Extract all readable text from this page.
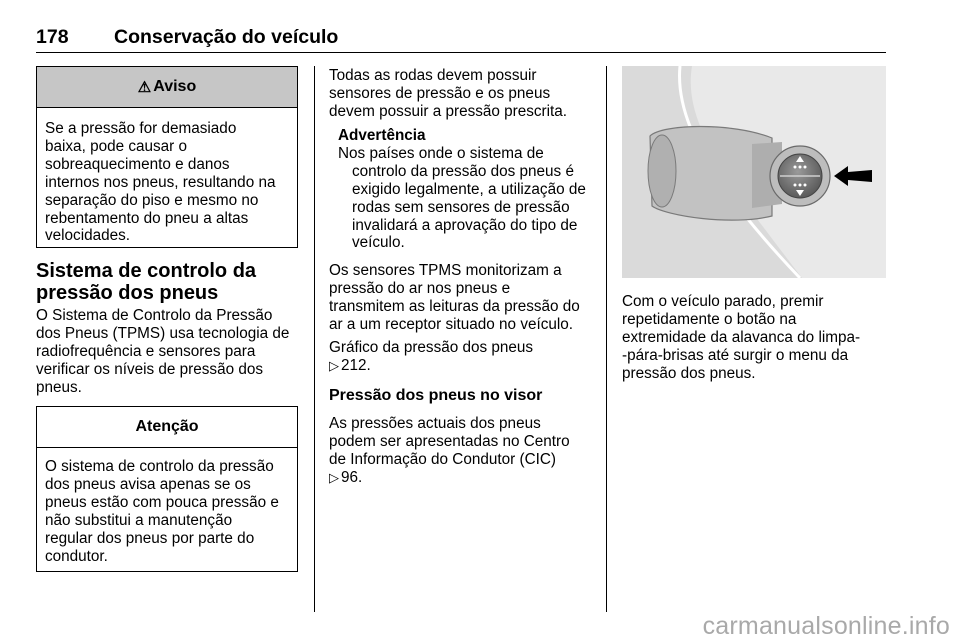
178 Conservação do veículo
⚠ Aviso
Se a pressão for demasiado
baixa, pode causar o
sobreaquecimento e danos
internos nos pneus, resultando na
separação do piso e mesmo no
rebentamento do pneu a altas
velocidades.
Sistema de controlo da
pressão dos pneus
O Sistema de Controlo da Pressão
dos Pneus (TPMS) usa tecnologia de
radiofrequência e sensores para
verificar os níveis de pressão dos
pneus.
Atenção
O sistema de controlo da pressão
dos pneus avisa apenas se os
pneus estão com pouca pressão e
não substitui a manutenção
regular dos pneus por parte do
condutor.
Todas as rodas devem possuir
sensores de pressão e os pneus
devem possuir a pressão prescrita.
Advertência
Nos países onde o sistema de
controlo da pressão dos pneus é
exigido legalmente, a utilização de
rodas sem sensores de pressão
invalidará a aprovação do tipo de
veículo.
Os sensores TPMS monitorizam a
pressão do ar nos pneus e
transmitem as leituras da pressão do
ar a um receptor situado no veículo.
Gráfico da pressão dos pneus
▷ 212.
Pressão dos pneus no visor
As pressões actuais dos pneus
podem ser apresentadas no Centro
de Informação do Condutor (CIC)
▷ 96.
Com o veículo parado, premir
repetidamente o botão na
extremidade da alavanca do limpa-
-pára-brisas até surgir o menu da
pressão dos pneus.
carmanualsonline.info
